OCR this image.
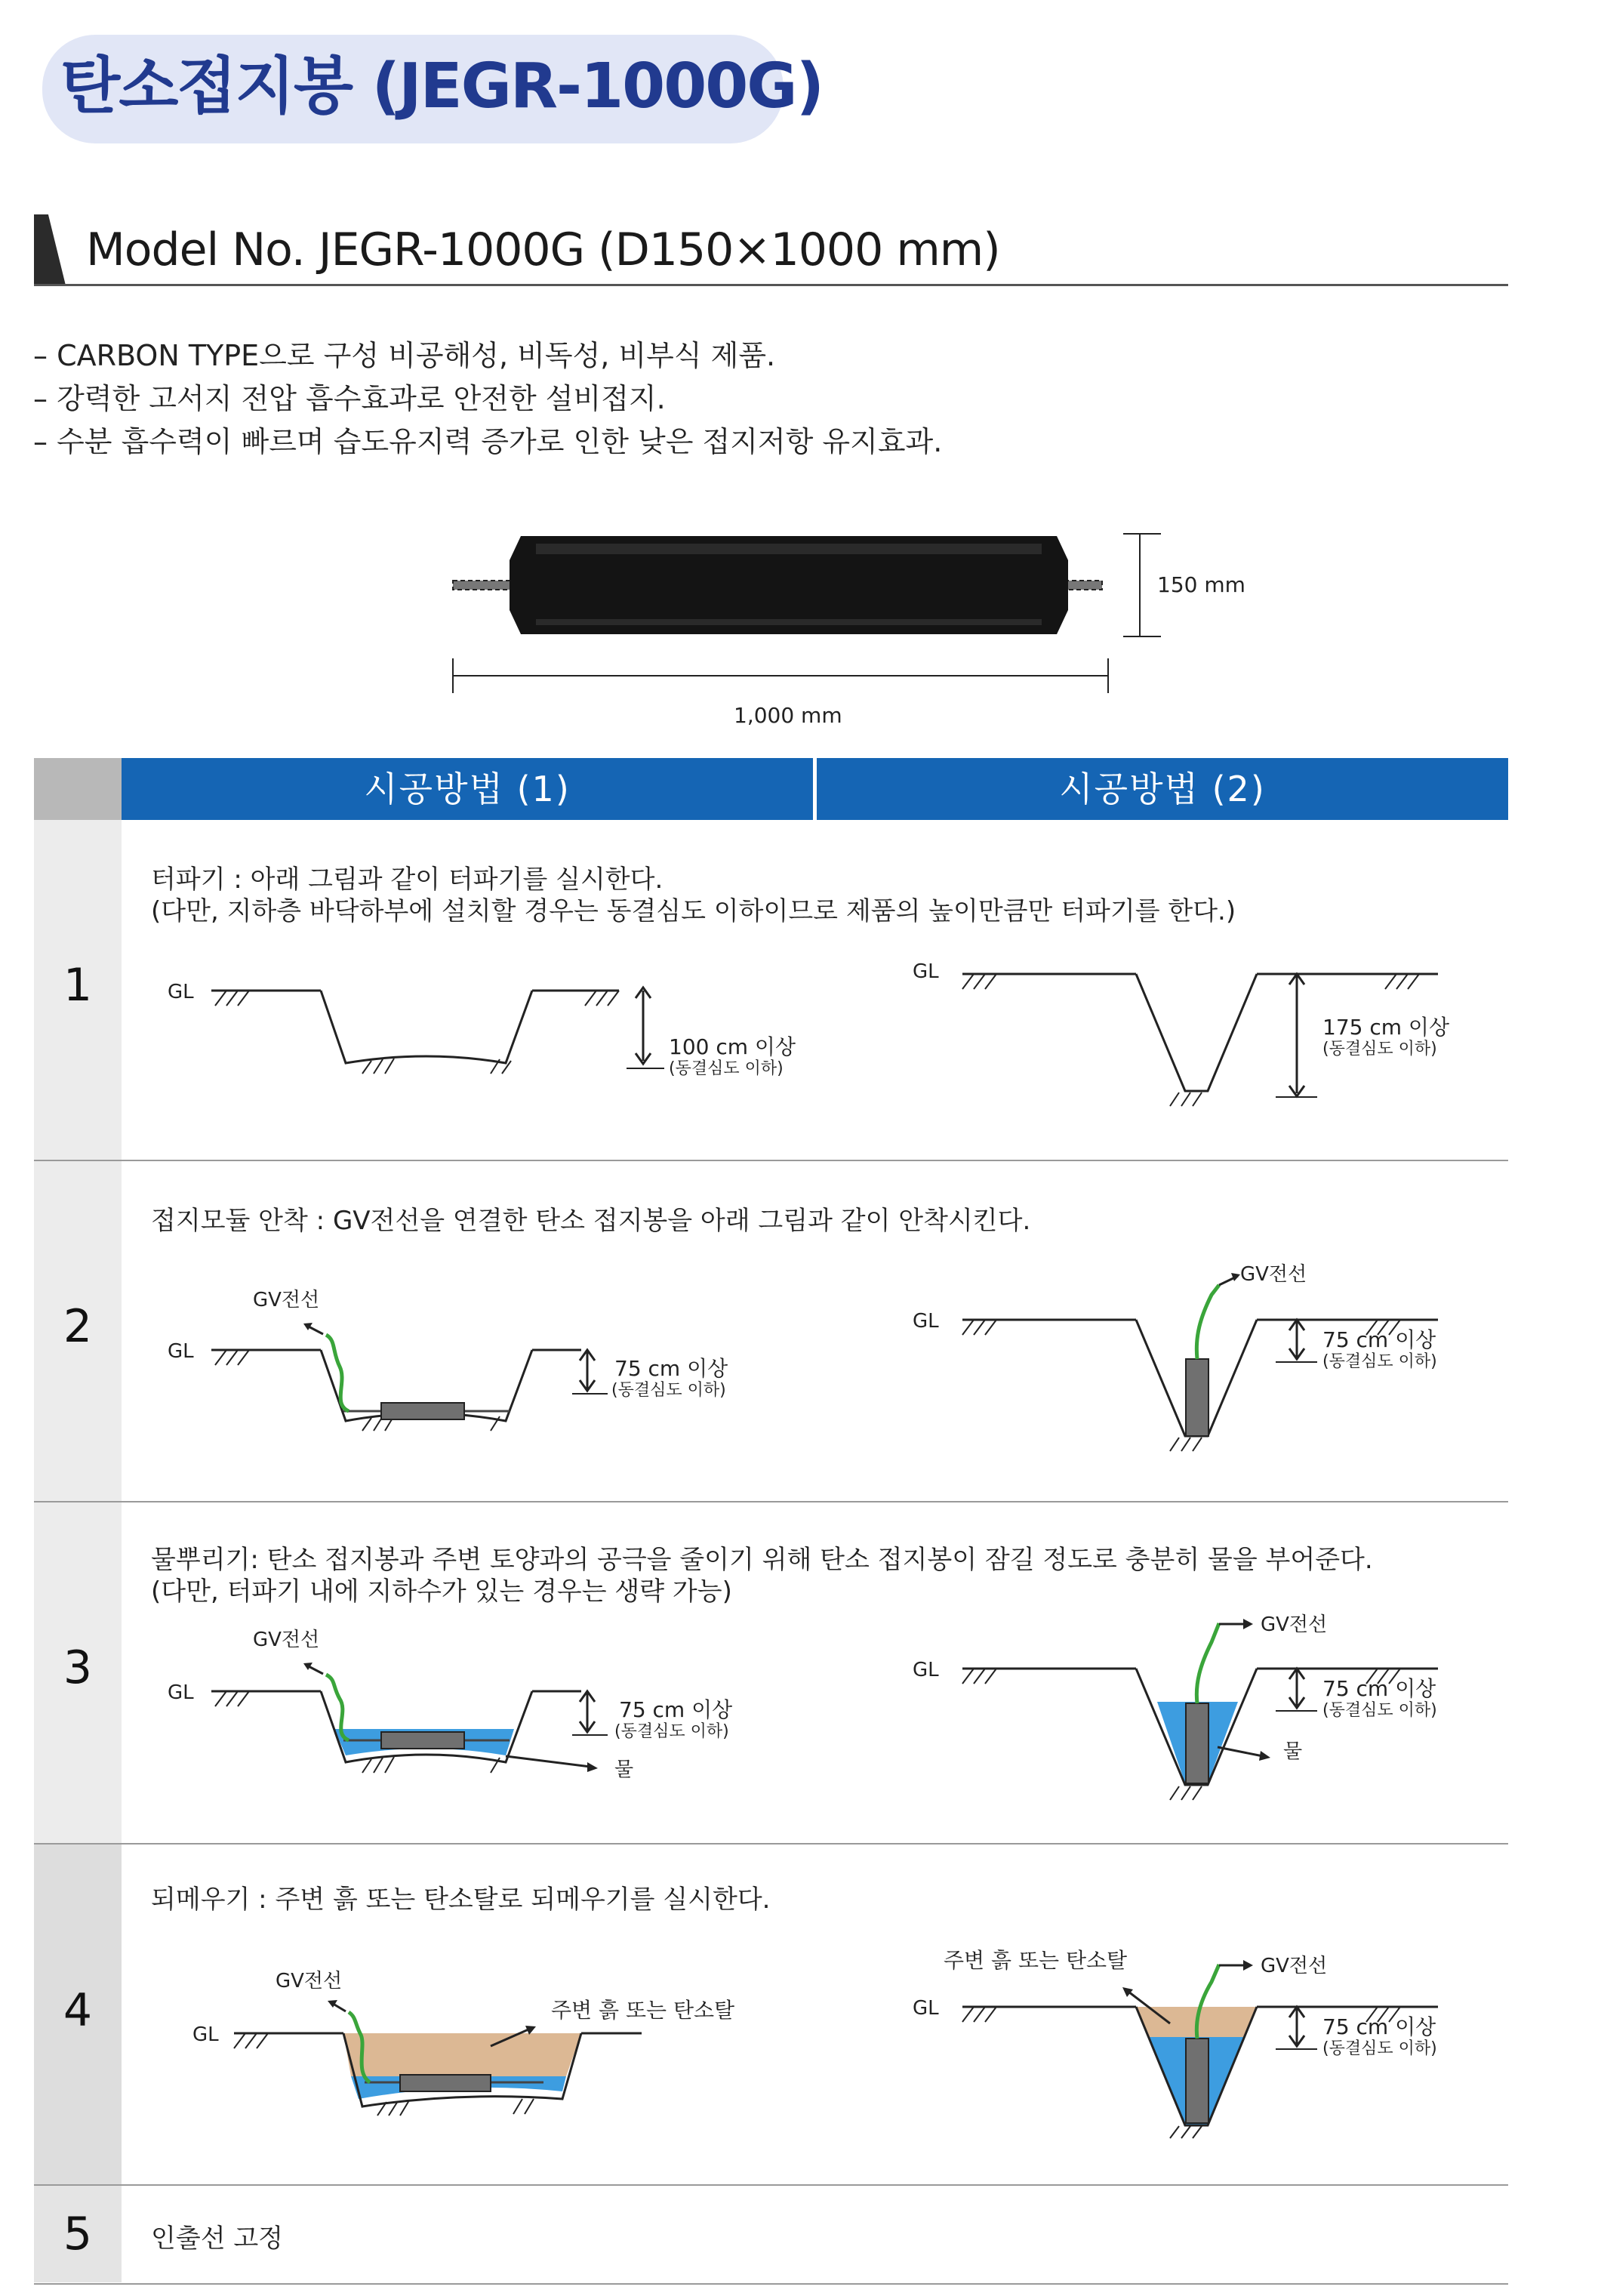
탄소접지봉 (JEGR-1000G)
Model No. JEGR-1000G (D150×1000 mm)
– CARBON TYPE으로 구성 비공해성, 비독성, 비부식 제품.
– 강력한 고서지 전압 흡수효과로 안전한 설비접지.
– 수분 흡수력이 빠르며 습도유지력 증가로 인한 낮은 접지저항 유지효과.
150 mm
1,000 mm
시공방법 (1)	시공방법 (2)
1
2
3
4
5
터파기 : 아래 그림과 같이 터파기를 실시한다.
(다만, 지하층 바닥하부에 설치할 경우는 동결심도 이하이므로 제품의 높이만큼만 터파기를 한다.)
접지모듈 안착 : GV전선을 연결한 탄소 접지봉을 아래 그림과 같이 안착시킨다.
물뿌리기: 탄소 접지봉과 주변 토양과의 공극을 줄이기 위해 탄소 접지봉이 잠길 정도로 충분히 물을 부어준다.
(다만, 터파기 내에 지하수가 있는 경우는 생략 가능)
되메우기 : 주변 흙 또는 탄소탈로 되메우기를 실시한다.
인출선 고정
GL
100 cm 이상
(동결심도 이하)
GL
175 cm 이상
(동결심도 이하)
GL
GV전선
75 cm 이상
(동결심도 이하)
GL
GV전선
75 cm 이상
(동결심도 이하)
GL
GV전선
75 cm 이상
(동결심도 이하)
물
GL
GV전선
75 cm 이상
(동결심도 이하)
물
GL
GV전선
주변 흙 또는 탄소탈	GL
GV전선
주변 흙 또는 탄소탈
75 cm 이상
(동결심도 이하)
